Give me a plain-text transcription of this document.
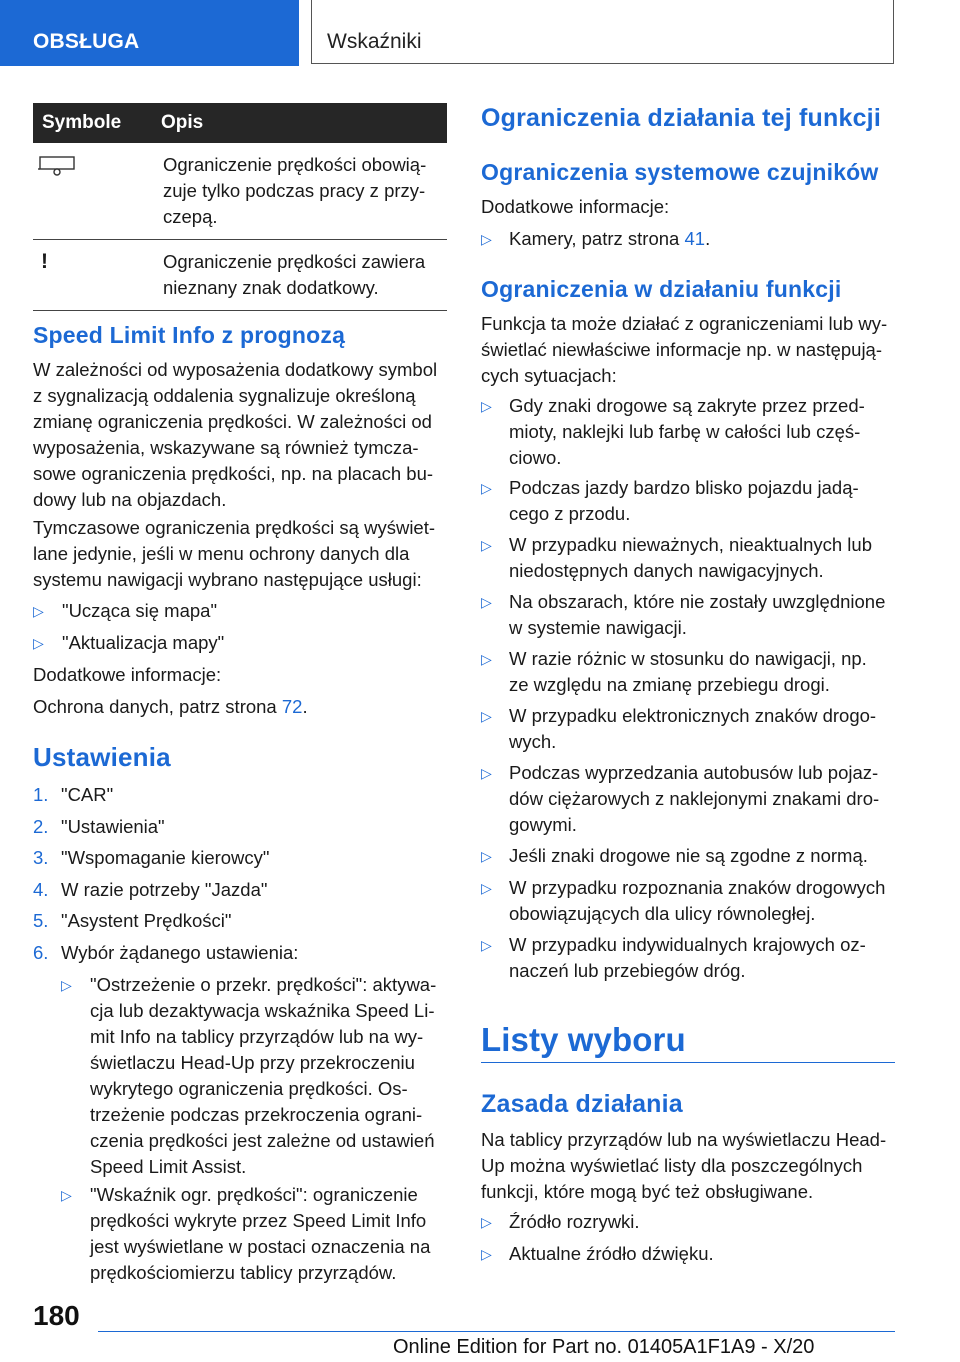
OBSŁUGA	Wskaźniki
Symbole	Opis
	Ograniczenie prędkości obowią-
zuje tylko podczas pracy z przy-
czepą.
!	Ograniczenie prędkości zawiera
nieznany znak dodatkowy.
Speed Limit Info z prognozą

W zależności od wyposażenia dodatkowy symbol
z sygnalizacją oddalenia sygnalizuje określoną
zmianę ograniczenia prędkości. W zależności od
wyposażenia, wskazywane są również tymcza-
sowe ograniczenia prędkości, np. na placach bu-
dowy lub na objazdach.

Tymczasowe ograniczenia prędkości są wyświet-
lane jedynie, jeśli w menu ochrony danych dla
systemu nawigacji wybrano następujące usługi:

▷ "Ucząca się mapa"
▷ "Aktualizacja mapy"

Dodatkowe informacje:

Ochrona danych, patrz strona 72.

Ustawienia
1. "CAR"
2. "Ustawienia"
3. "Wspomaganie kierowcy"
4. W razie potrzeby "Jazda"
5. "Asystent Prędkości"
6. Wybór żądanego ustawienia:
▷ "Ostrzeżenie o przekr. prędkości": aktywa-
cja lub dezaktywacja wskaźnika Speed Li-
mit Info na tablicy przyrządów lub na wy-
świetlaczu Head-Up przy przekroczeniu
wykrytego ograniczenia prędkości. Os-
trzeżenie podczas przekroczenia ograni-
czenia prędkości jest zależne od ustawień
Speed Limit Assist.
▷ "Wskaźnik ogr. prędkości": ograniczenie
prędkości wykryte przez Speed Limit Info
jest wyświetlane w postaci oznaczenia na
prędkościomierzu tablicy przyrządów.
Ograniczenia działania tej funkcji
Ograniczenia systemowe czujników

Dodatkowe informacje:

▷ Kamery, patrz strona 41.
Ograniczenia w działaniu funkcji

Funkcja ta może działać z ograniczeniami lub wy-
świetlać niewłaściwe informacje np. w następują-
cych sytuacjach:

▷ Gdy znaki drogowe są zakryte przez przed-
mioty, naklejki lub farbę w całości lub częś-
ciowo.
▷ Podczas jazdy bardzo blisko pojazdu jadą-
cego z przodu.
▷ W przypadku nieważnych, nieaktualnych lub
niedostępnych danych nawigacyjnych.
▷ Na obszarach, które nie zostały uwzględnione
w systemie nawigacji.
▷ W razie różnic w stosunku do nawigacji, np.
ze względu na zmianę przebiegu drogi.
▷ W przypadku elektronicznych znaków drogo-
wych.
▷ Podczas wyprzedzania autobusów lub pojaz-
dów ciężarowych z naklejonymi znakami dro-
gowymi.
▷ Jeśli znaki drogowe nie są zgodne z normą.
▷ W przypadku rozpoznania znaków drogowych
obowiązujących dla ulicy równoległej.
▷ W przypadku indywidualnych krajowych oz-
naczeń lub przebiegów dróg.
Listy wyboru
Zasada działania

Na tablicy przyrządów lub na wyświetlaczu Head-
Up można wyświetlać listy dla poszczególnych
funkcji, które mogą być też obsługiwane.

▷ Źródło rozrywki.
▷ Aktualne źródło dźwięku.
180
Online Edition for Part no. 01405A1F1A9 - X/20
